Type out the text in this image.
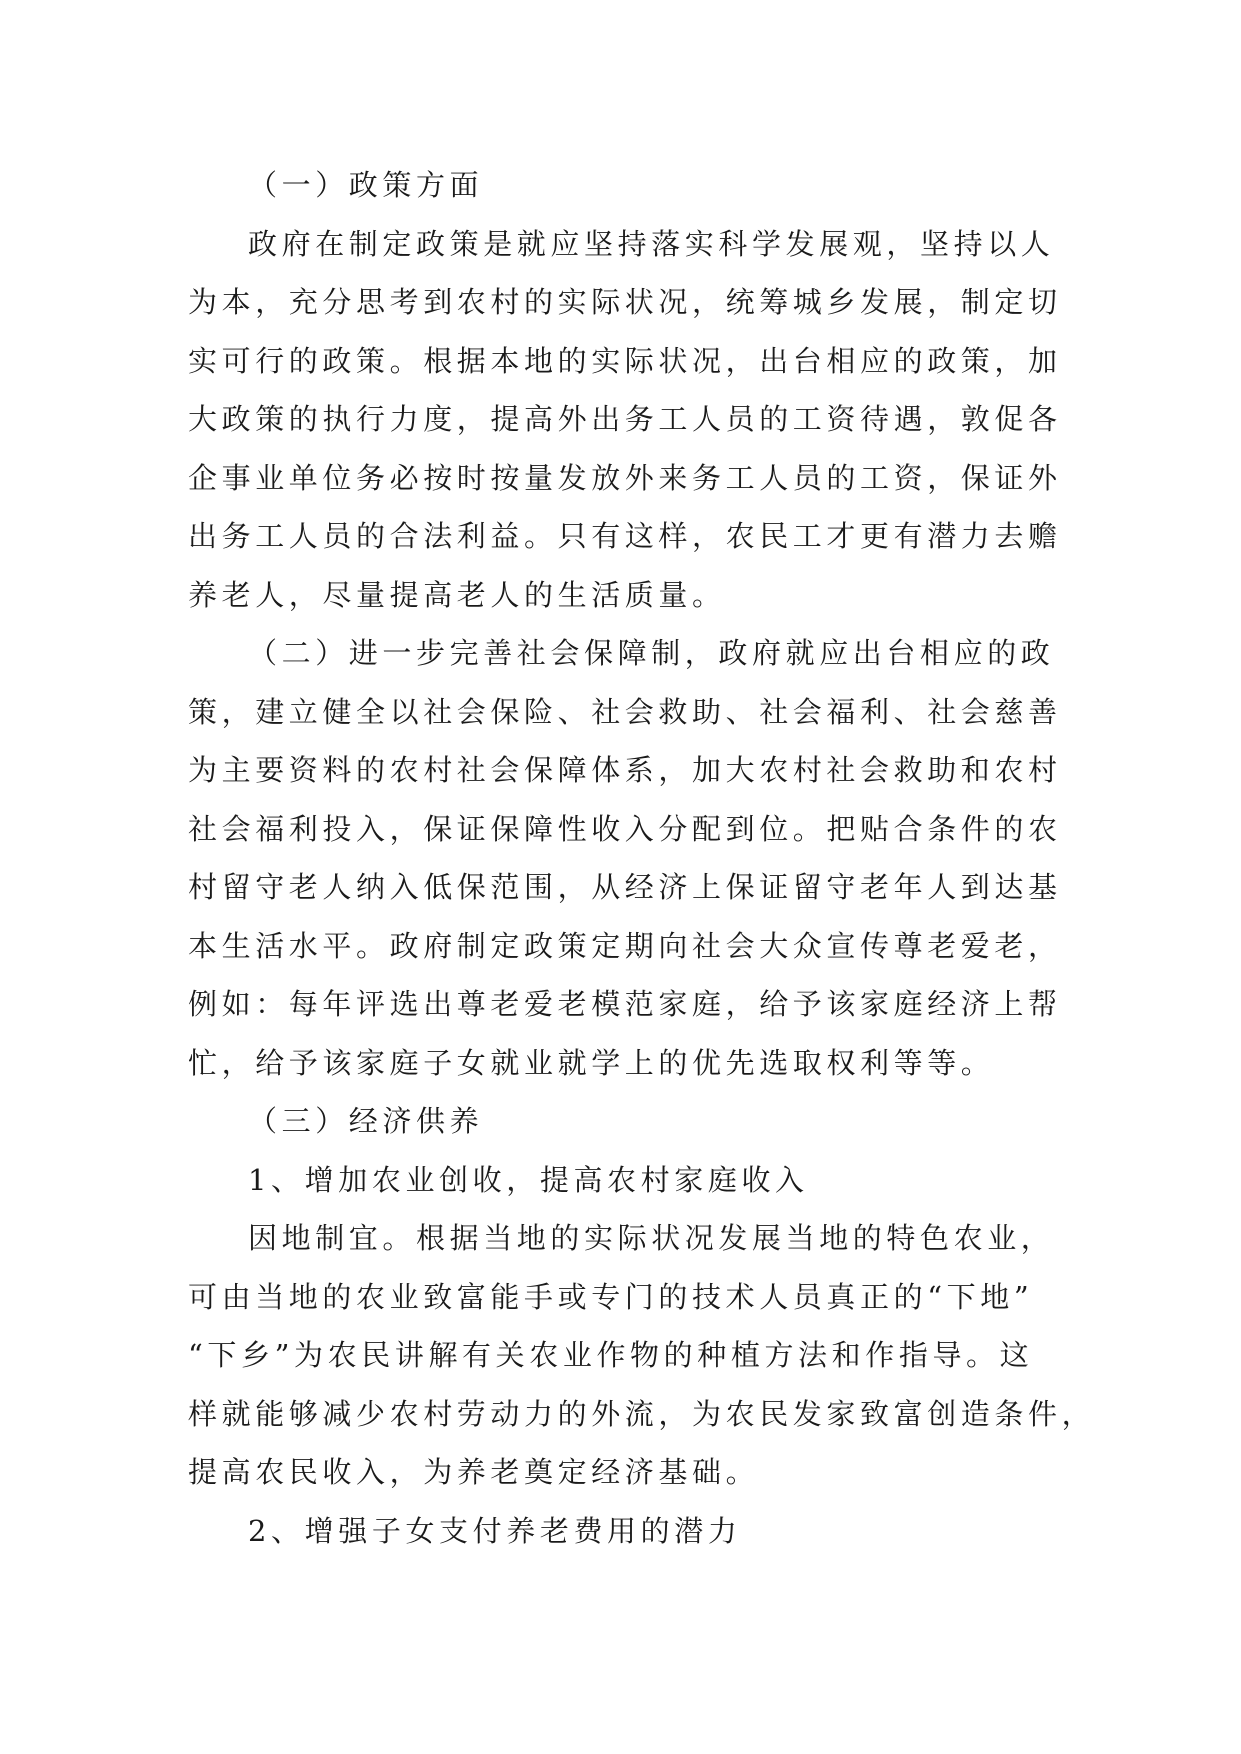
（一）政策方面

政府在制定政策是就应坚持落实科学发展观，坚持以人
为本，充分思考到农村的实际状况，统筹城乡发展，制定切
实可行的政策。根据本地的实际状况，出台相应的政策，加
大政策的执行力度，提高外出务工人员的工资待遇，敦促各
企事业单位务必按时按量发放外来务工人员的工资，保证外
出务工人员的合法利益。只有这样，农民工才更有潜力去赡
养老人，尽量提高老人的生活质量。

（二）进一步完善社会保障制，政府就应出台相应的政
策，建立健全以社会保险、社会救助、社会福利、社会慈善
为主要资料的农村社会保障体系，加大农村社会救助和农村
社会福利投入，保证保障性收入分配到位。把贴合条件的农
村留守老人纳入低保范围，从经济上保证留守老年人到达基
本生活水平。政府制定政策定期向社会大众宣传尊老爱老，
例如：每年评选出尊老爱老模范家庭，给予该家庭经济上帮
忙，给予该家庭子女就业就学上的优先选取权利等等。

（三）经济供养

1、增加农业创收，提高农村家庭收入

因地制宜。根据当地的实际状况发展当地的特色农业，
可由当地的农业致富能手或专门的技术人员真正的“下地”
“下乡”为农民讲解有关农业作物的种植方法和作指导。这
样就能够减少农村劳动力的外流，为农民发家致富创造条件，
提高农民收入，为养老奠定经济基础。

2、增强子女支付养老费用的潜力
